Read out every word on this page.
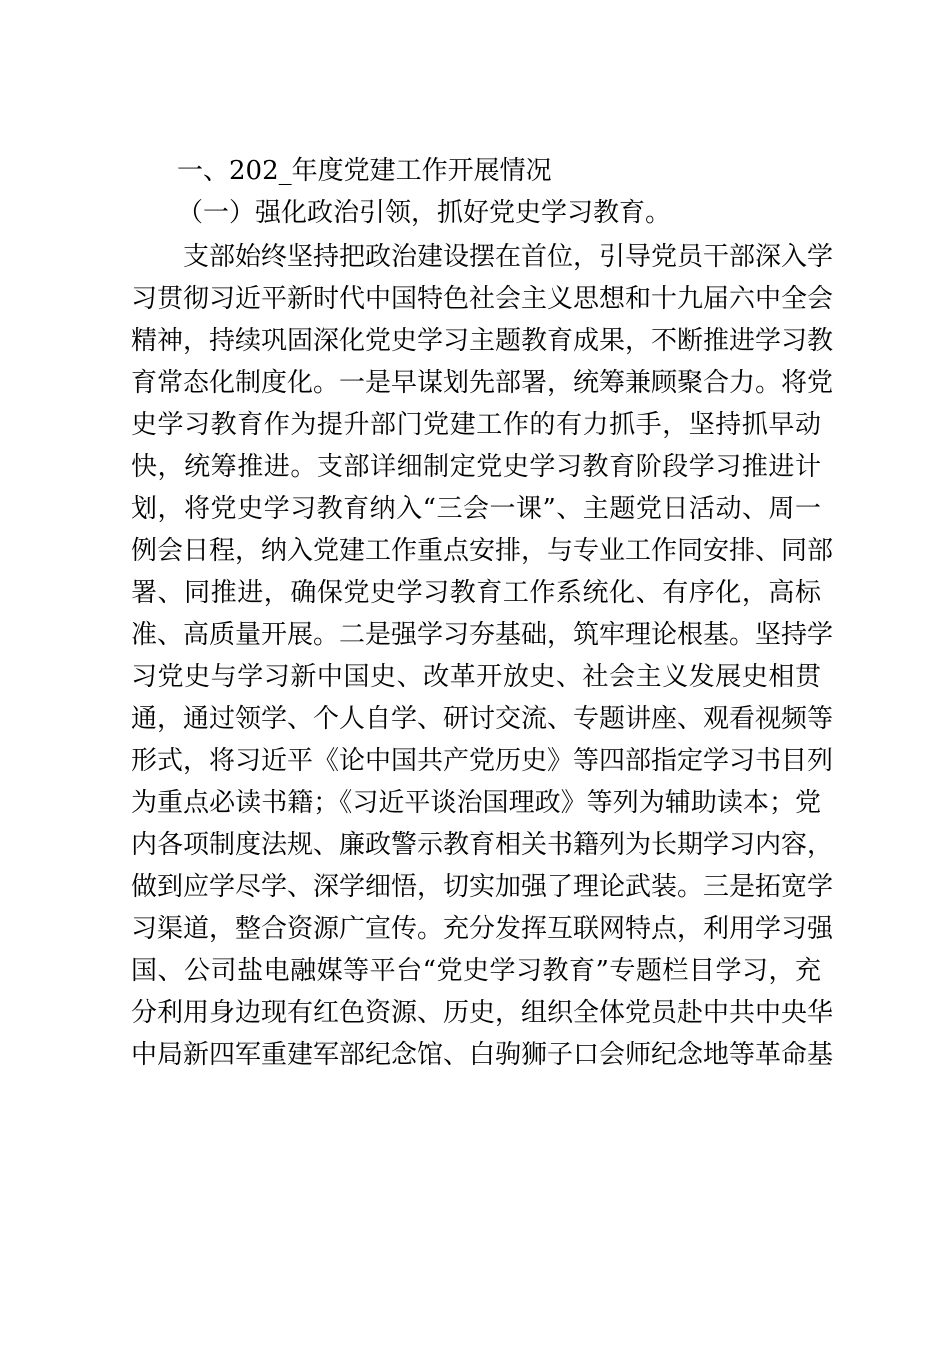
一、202_年度党建工作开展情况
（一）强化政治引领，抓好党史学习教育。
支部始终坚持把政治建设摆在首位，引导党员干部深入学
习贯彻习近平新时代中国特色社会主义思想和十九届六中全会
精神，持续巩固深化党史学习主题教育成果，不断推进学习教
育常态化制度化。一是早谋划先部署，统筹兼顾聚合力。将党
史学习教育作为提升部门党建工作的有力抓手，坚持抓早动
快，统筹推进。支部详细制定党史学习教育阶段学习推进计
划，将党史学习教育纳入“三会一课”、主题党日活动、周一
例会日程，纳入党建工作重点安排，与专业工作同安排、同部
署、同推进，确保党史学习教育工作系统化、有序化，高标
准、高质量开展。二是强学习夯基础，筑牢理论根基。坚持学
习党史与学习新中国史、改革开放史、社会主义发展史相贯
通，通过领学、个人自学、研讨交流、专题讲座、观看视频等
形式，将习近平《论中国共产党历史》等四部指定学习书目列
为重点必读书籍；《习近平谈治国理政》等列为辅助读本；党
内各项制度法规、廉政警示教育相关书籍列为长期学习内容，
做到应学尽学、深学细悟，切实加强了理论武装。三是拓宽学
习渠道，整合资源广宣传。充分发挥互联网特点，利用学习强
国、公司盐电融媒等平台“党史学习教育”专题栏目学习，充
分利用身边现有红色资源、历史，组织全体党员赴中共中央华
中局新四军重建军部纪念馆、白驹狮子口会师纪念地等革命基
